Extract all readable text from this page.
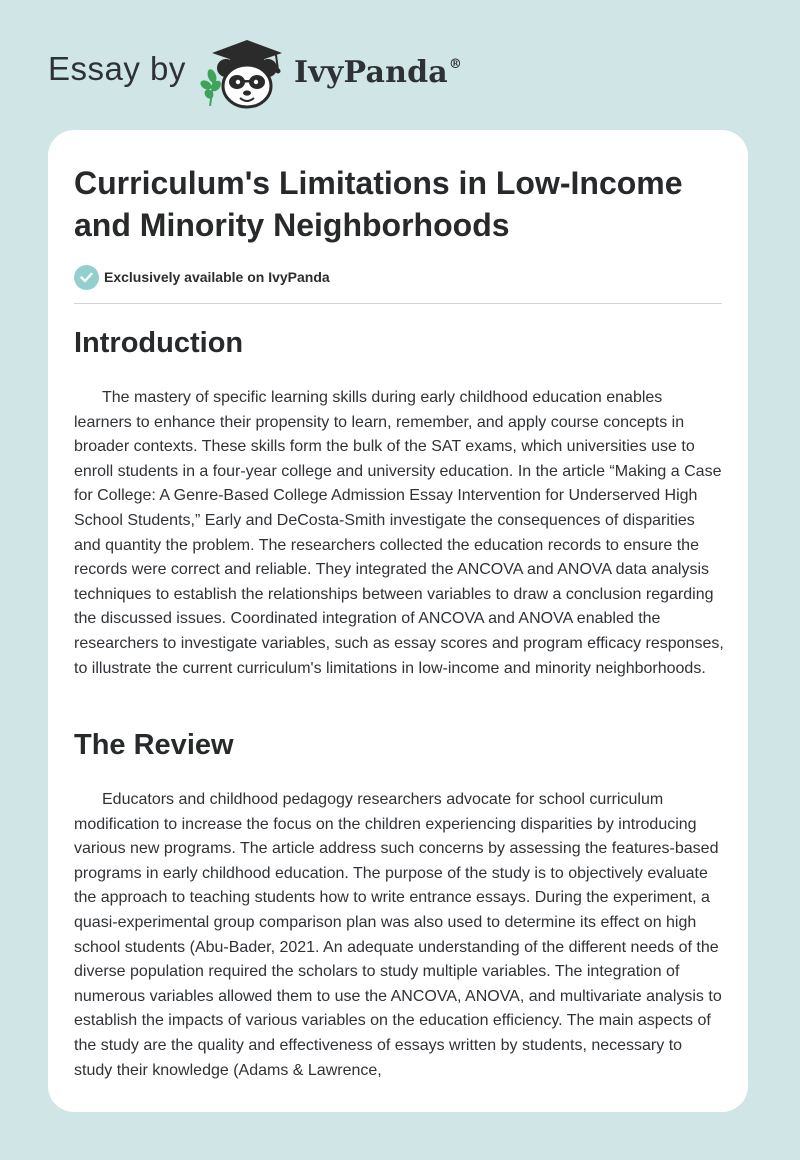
Essay by	IvyPanda®
Curriculum's Limitations in Low-Income and Minority Neighborhoods
Exclusively available on IvyPanda
Introduction

The mastery of specific learning skills during early childhood education enables learners to enhance their propensity to learn, remember, and apply course concepts in broader contexts. These skills form the bulk of the SAT exams, which universities use to enroll students in a four-year college and university education. In the article “Making a Case for College: A Genre-Based College Admission Essay Intervention for Underserved High School Students,” Early and DeCosta-Smith investigate the consequences of disparities and quantity the problem. The researchers collected the education records to ensure the records were correct and reliable. They integrated the ANCOVA and ANOVA data analysis techniques to establish the relationships between variables to draw a conclusion regarding the discussed issues. Coordinated integration of ANCOVA and ANOVA enabled the researchers to investigate variables, such as essay scores and program efficacy responses, to illustrate the current curriculum's limitations in low-income and minority neighborhoods.

The Review

Educators and childhood pedagogy researchers advocate for school curriculum modification to increase the focus on the children experiencing disparities by introducing various new programs. The article address such concerns by assessing the features-based programs in early childhood education. The purpose of the study is to objectively evaluate the approach to teaching students how to write entrance essays. During the experiment, a quasi-experimental group comparison plan was also used to determine its effect on high school students (Abu-Bader, 2021. An adequate understanding of the different needs of the diverse population required the scholars to study multiple variables. The integration of numerous variables allowed them to use the ANCOVA, ANOVA, and multivariate analysis to establish the impacts of various variables on the education efficiency. The main aspects of the study are the quality and effectiveness of essays written by students, necessary to study their knowledge (Adams & Lawrence,
